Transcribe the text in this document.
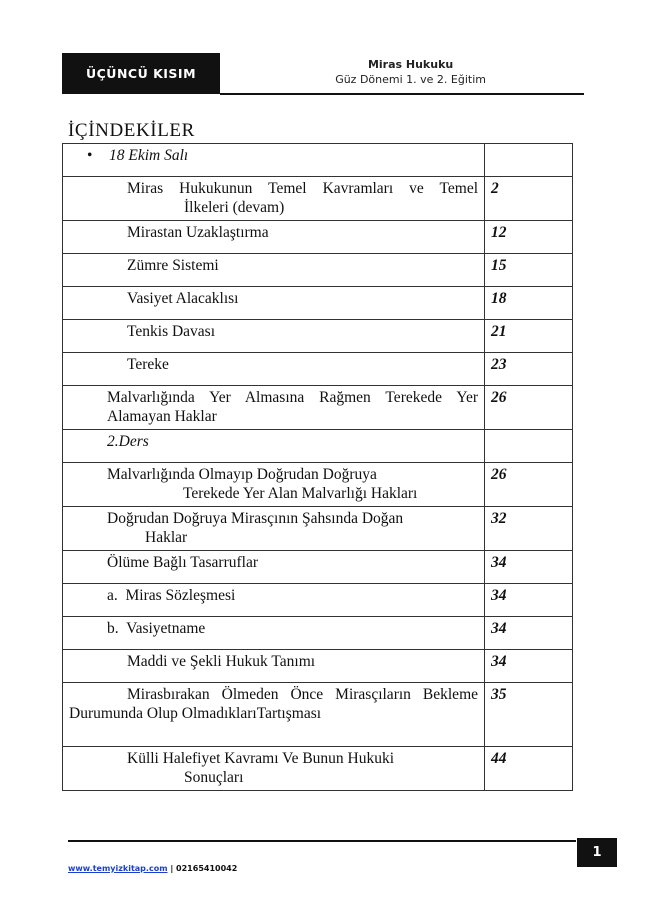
ÜÇÜNCÜ KISIM
Miras Hukuku
Güz Dönemi 1. ve 2. Eğitim
İÇİNDEKİLER
• 18 Ekim Salı	

Miras Hukukunun Temel Kavramları ve Temel
İlkeleri (devam)	2

Mirastan Uzaklaştırma	12

Zümre Sistemi	15

Vasiyet Alacaklısı	18

Tenkis Davası	21

Tereke	23

Malvarlığında Yer Almasına Rağmen Terekede Yer Alamayan Haklar	26

2.Ders	

Malvarlığında Olmayıp Doğrudan Doğruya
Terekede Yer Alan Malvarlığı Hakları	26

Doğrudan Doğruya Mirasçının Şahsında Doğan
Haklar	32

Ölüme Bağlı Tasarruflar	34

a.  Miras Sözleşmesi	34

b.  Vasiyetname	34

Maddi ve Şekli Hukuk Tanımı	34

Mirasbırakan Ölmeden Önce Mirasçıların Bekleme Durumunda Olup OlmadıklarıTartışması	35

Külli Halefiyet Kavramı Ve Bunun Hukuki
Sonuçları	44
1
www.temyizkitap.com | 02165410042
